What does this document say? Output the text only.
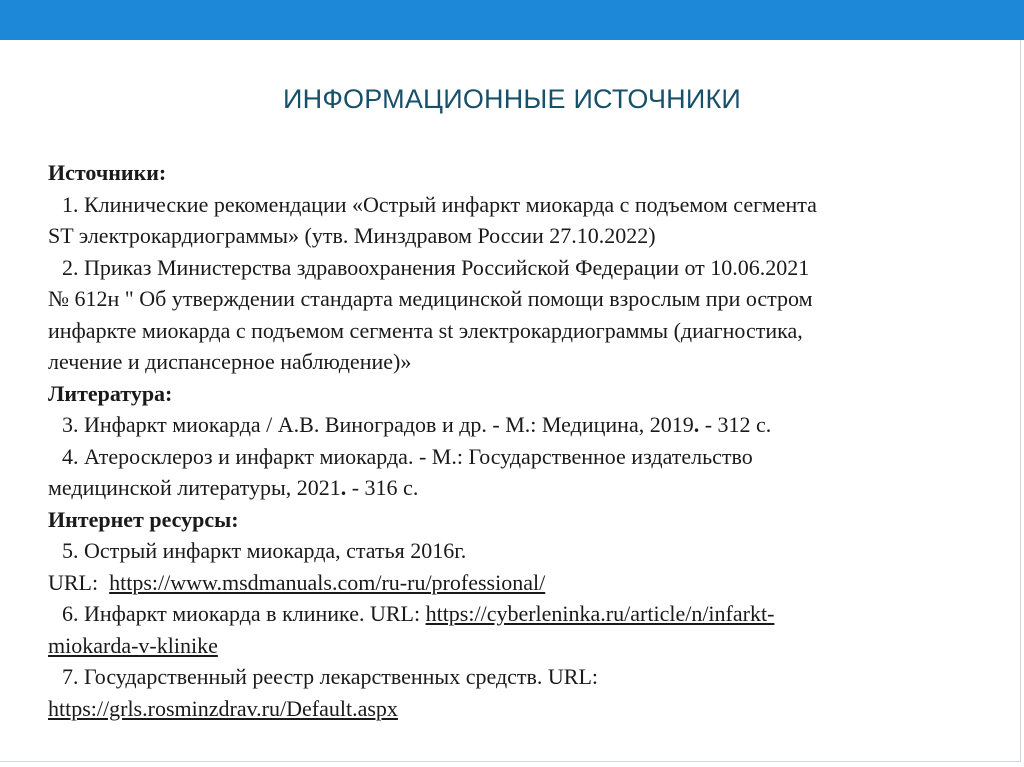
ИНФОРМАЦИОННЫЕ ИСТОЧНИКИ

Источники:

1. Клинические рекомендации «Острый инфаркт миокарда с подъемом сегмента

ST электрокардиограммы» (утв. Минздравом России 27.10.2022)

2. Приказ Министерства здравоохранения Российской Федерации от 10.06.2021

№ 612н " Об утверждении стандарта медицинской помощи взрослым при остром

инфаркте миокарда с подъемом сегмента st электрокардиограммы (диагностика,

лечение и диспансерное наблюдение)»

Литература:

3. Инфаркт миокарда / А.В. Виноградов и др. - М.: Медицина, 2019. - 312 с.

4. Атеросклероз и инфаркт миокарда. - М.: Государственное издательство

медицинской литературы, 2021. - 316 с.

Интернет ресурсы:

5. Острый инфаркт миокарда, статья 2016г.

URL:  https://www.msdmanuals.com/ru-ru/professional/

6. Инфаркт миокарда в клинике. URL: https://cyberleninka.ru/article/n/infarkt-

miokarda-v-klinike

7. Государственный реестр лекарственных средств. URL:

https://grls.rosminzdrav.ru/Default.aspx
